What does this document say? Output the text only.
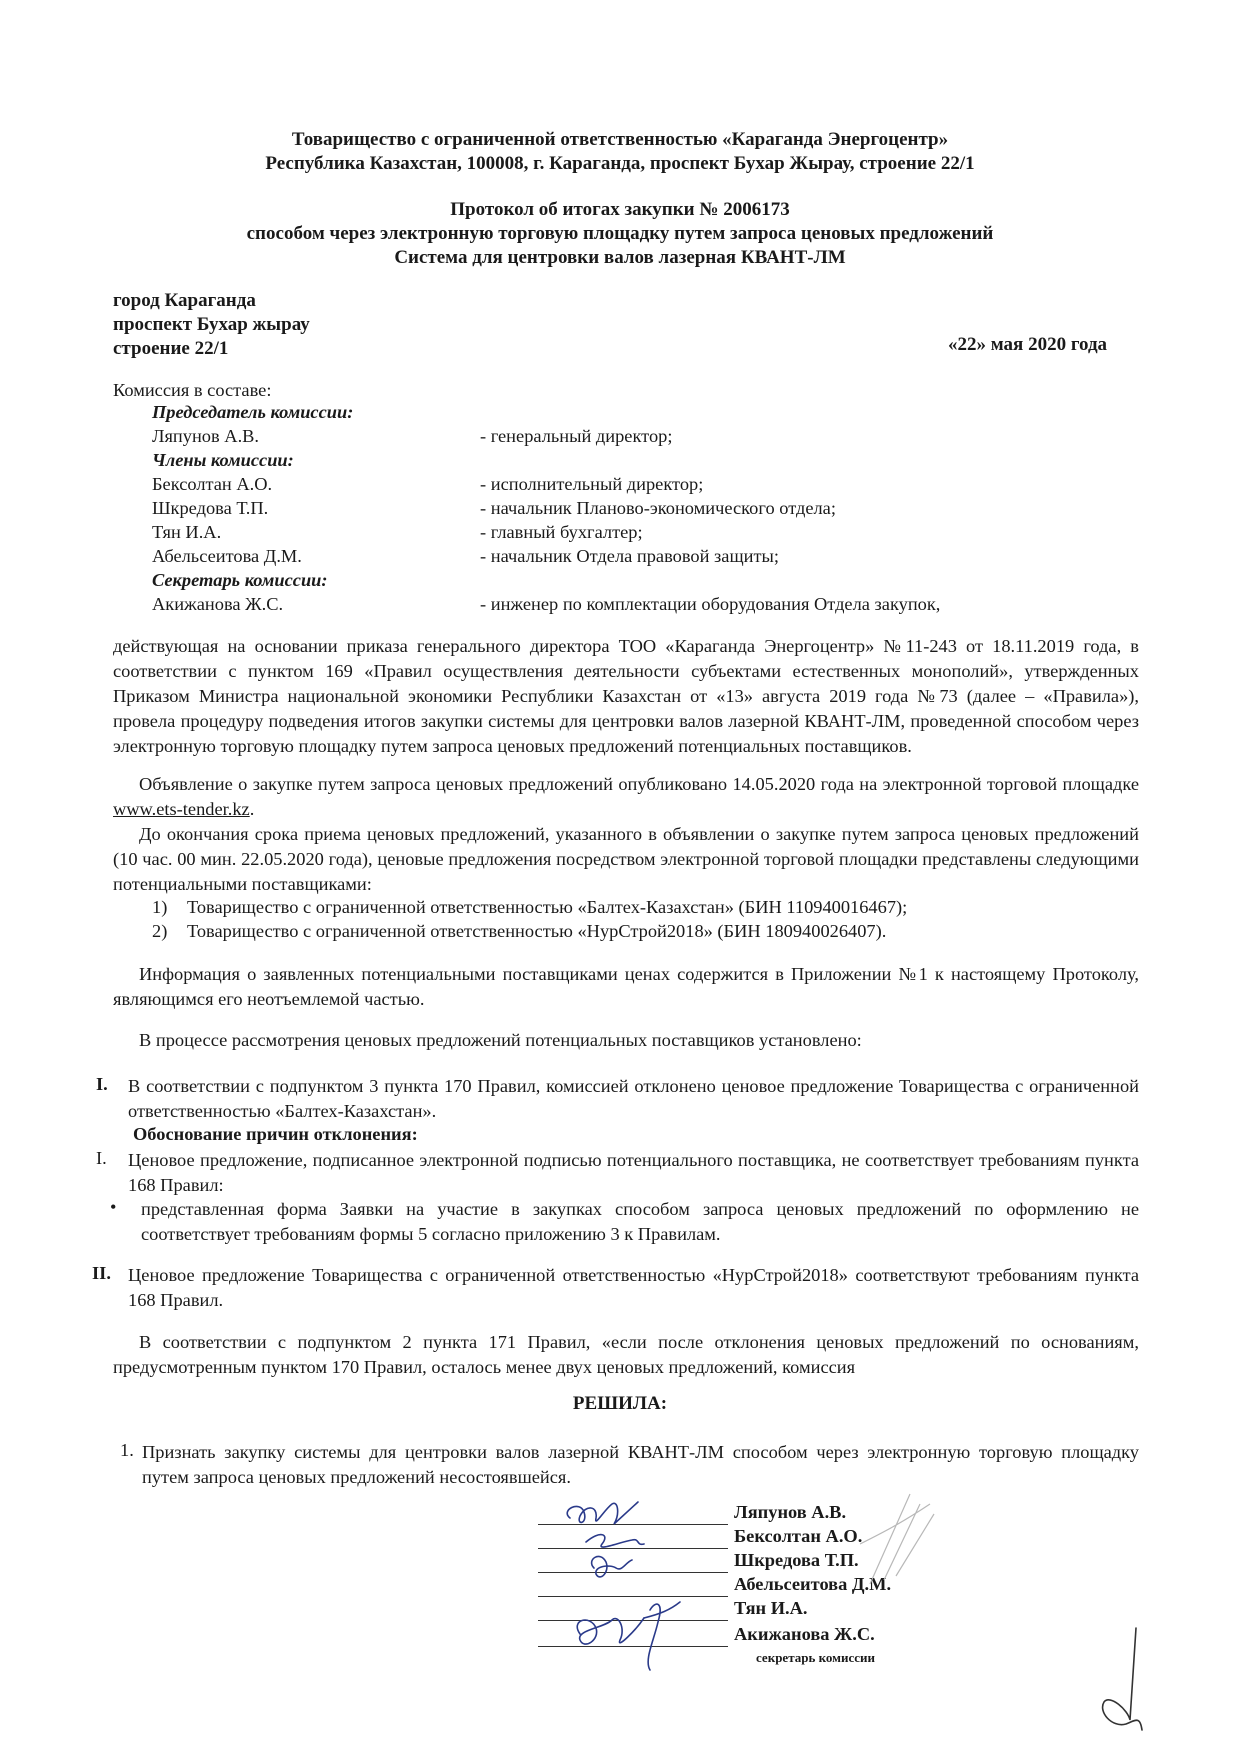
Товарищество с ограниченной ответственностью «Караганда Энергоцентр»
Республика Казахстан, 100008, г. Караганда, проспект Бухар Жырау, строение 22/1
Протокол об итогах закупки № 2006173
способом через электронную торговую площадку путем запроса ценовых предложений
Система для центровки валов лазерная КВАНТ-ЛМ
город Караганда
проспект Бухар жырау
строение 22/1	«22» мая 2020 года
Комиссия в составе:
Председатель комиссии:
Ляпунов А.В.	- генеральный директор;
Члены комиссии:
Бексолтан А.О.	- исполнительный директор;
Шкредова Т.П.	- начальник Планово-экономического отдела;
Тян И.А.	- главный бухгалтер;
Абельсеитова Д.М.	- начальник Отдела правовой защиты;
Секретарь комиссии:
Акижанова Ж.С.	- инженер по комплектации оборудования Отдела закупок,
действующая на основании приказа генерального директора ТОО «Караганда Энергоцентр» №11-243 от 18.11.2019 года, в соответствии с пунктом 169 «Правил осуществления деятельности субъектами естественных монополий», утвержденных Приказом Министра национальной экономики Республики Казахстан от «13» августа 2019 года №73 (далее – «Правила»), провела процедуру подведения итогов закупки системы для центровки валов лазерной КВАНТ-ЛМ, проведенной способом через электронную торговую площадку путем запроса ценовых предложений потенциальных поставщиков.
Объявление о закупке путем запроса ценовых предложений опубликовано 14.05.2020 года на электронной торговой площадке www.ets-tender.kz.
До окончания срока приема ценовых предложений, указанного в объявлении о закупке путем запроса ценовых предложений (10 час. 00 мин. 22.05.2020 года), ценовые предложения посредством электронной торговой площадки представлены следующими потенциальными поставщиками:
1) Товарищество с ограниченной ответственностью «Балтех-Казахстан» (БИН 110940016467);
2) Товарищество с ограниченной ответственностью «НурСтрой2018» (БИН 180940026407).
Информация о заявленных потенциальными поставщиками ценах содержится в Приложении №1 к настоящему Протоколу, являющимся его неотъемлемой частью.
В процессе рассмотрения ценовых предложений потенциальных поставщиков установлено:
I. В соответствии с подпунктом 3 пункта 170 Правил, комиссией отклонено ценовое предложение Товарищества с ограниченной ответственностью «Балтех-Казахстан».
Обоснование причин отклонения:
I. Ценовое предложение, подписанное электронной подписью потенциального поставщика, не соответствует требованиям пункта 168 Правил:
• представленная форма Заявки на участие в закупках способом запроса ценовых предложений по оформлению не соответствует требованиям формы 5 согласно приложению 3 к Правилам.
II. Ценовое предложение Товарищества с ограниченной ответственностью «НурСтрой2018» соответствуют требованиям пункта 168 Правил.
В соответствии с подпунктом 2 пункта 171 Правил, «если после отклонения ценовых предложений по основаниям, предусмотренным пунктом 170 Правил, осталось менее двух ценовых предложений, комиссия
РЕШИЛА:
1. Признать закупку системы для центровки валов лазерной КВАНТ-ЛМ способом через электронную торговую площадку путем запроса ценовых предложений несостоявшейся.
Ляпунов А.В.
Бексолтан А.О.
Шкредова Т.П.
Абельсеитова Д.М.
Тян И.А.
Акижанова Ж.С.
секретарь комиссии
